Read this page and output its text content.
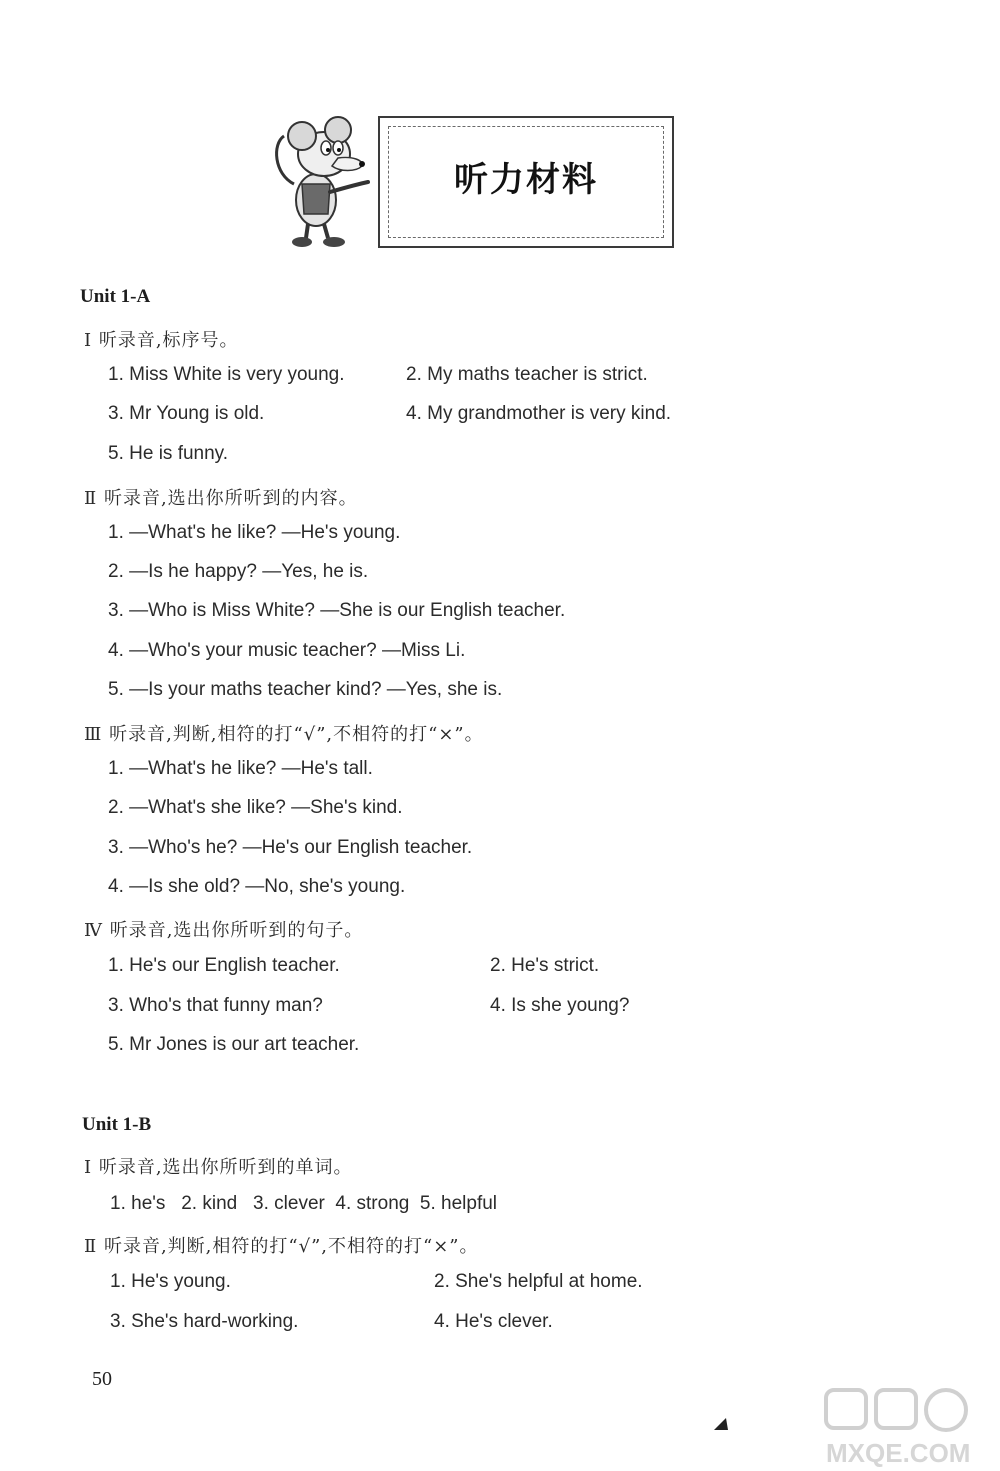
听力材料
Unit 1-A
Ⅰ 听录音,标序号。
1. Miss White is very young.	2. My maths teacher is strict.
3. Mr Young is old.	4. My grandmother is very kind.
5. He is funny.
Ⅱ 听录音,选出你所听到的内容。
1. —What's he like? —He's young.
2. —Is he happy? —Yes, he is.
3. —Who is Miss White? —She is our English teacher.
4. —Who's your music teacher? —Miss Li.
5. —Is your maths teacher kind? —Yes, she is.
Ⅲ 听录音,判断,相符的打“√”,不相符的打“×”。
1. —What's he like? —He's tall.
2. —What's she like? —She's kind.
3. —Who's he? —He's our English teacher.
4. —Is she old? —No, she's young.
Ⅳ 听录音,选出你所听到的句子。
1. He's our English teacher.	2. He's strict.
3. Who's that funny man?	4. Is she young?
5. Mr Jones is our art teacher.
Unit 1-B
Ⅰ 听录音,选出你所听到的单词。
1. he's   2. kind   3. clever  4. strong  5. helpful
Ⅱ 听录音,判断,相符的打“√”,不相符的打“×”。
1. He's young.	2. She's helpful at home.
3. She's hard-working.	4. He's clever.
50
MXQE.COM
